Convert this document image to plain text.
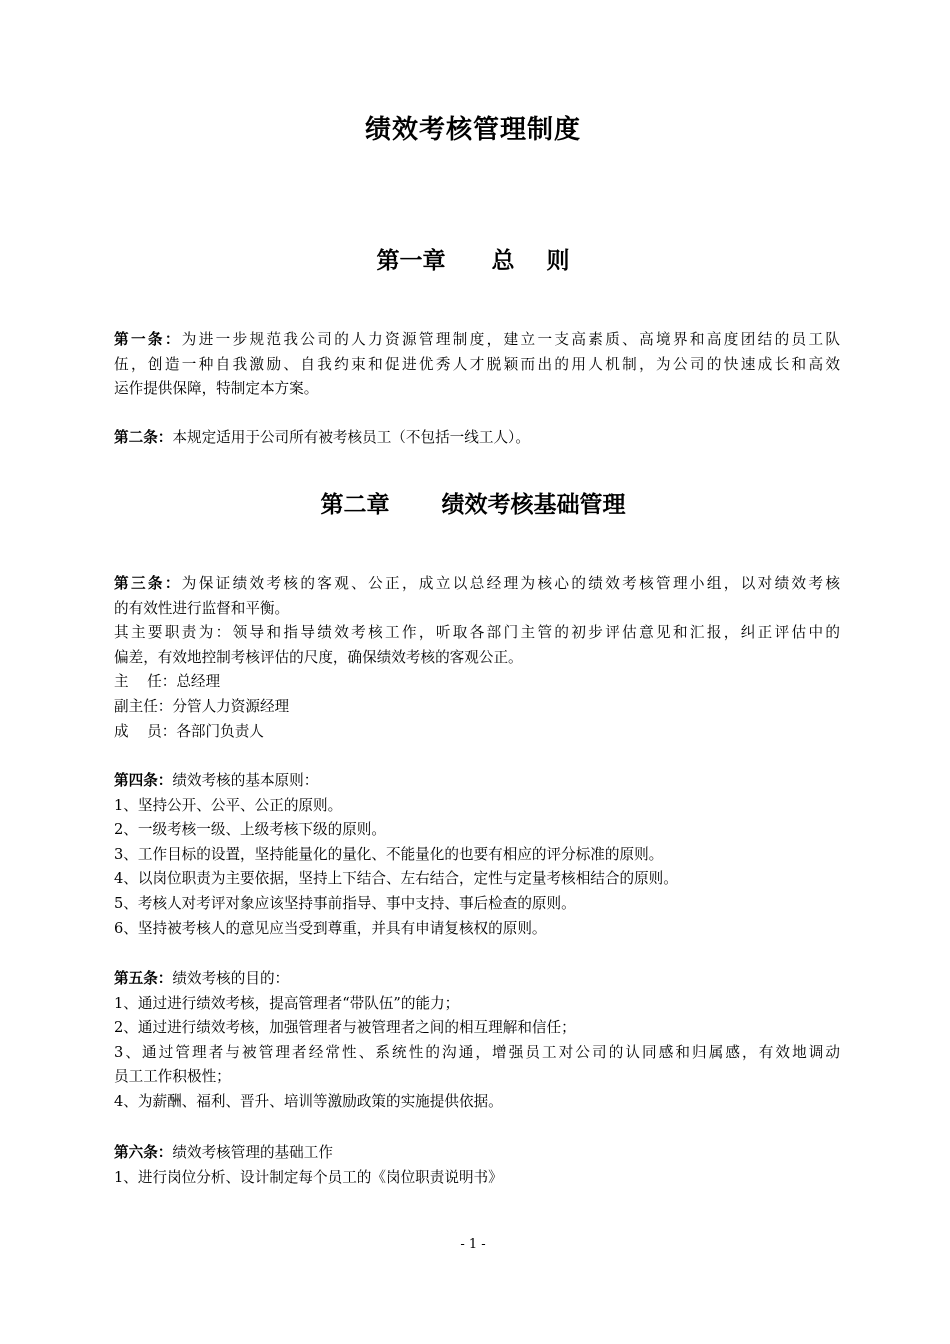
绩效考核管理制度
第一章 总    则
第一条：为进一步规范我公司的人力资源管理制度，建立一支高素质、高境界和高度团结的员工队
伍，创造一种自我激励、自我约束和促进优秀人才脱颖而出的用人机制，为公司的快速成长和高效
运作提供保障，特制定本方案。
第二条：本规定适用于公司所有被考核员工（不包括一线工人）。
第二章 绩效考核基础管理
第三条：为保证绩效考核的客观、公正，成立以总经理为核心的绩效考核管理小组，以对绩效考核
的有效性进行监督和平衡。
其主要职责为：领导和指导绩效考核工作，听取各部门主管的初步评估意见和汇报，纠正评估中的
偏差，有效地控制考核评估的尺度，确保绩效考核的客观公正。
主    任：总经理
副主任：分管人力资源经理
成    员：各部门负责人
第四条：绩效考核的基本原则：
1、坚持公开、公平、公正的原则。
2、一级考核一级、上级考核下级的原则。
3、工作目标的设置，坚持能量化的量化、不能量化的也要有相应的评分标准的原则。
4、以岗位职责为主要依据，坚持上下结合、左右结合，定性与定量考核相结合的原则。
5、考核人对考评对象应该坚持事前指导、事中支持、事后检查的原则。
6、坚持被考核人的意见应当受到尊重，并具有申请复核权的原则。
第五条：绩效考核的目的：
1、通过进行绩效考核，提高管理者“带队伍”的能力；
2、通过进行绩效考核，加强管理者与被管理者之间的相互理解和信任；
3、通过管理者与被管理者经常性、系统性的沟通，增强员工对公司的认同感和归属感，有效地调动
员工工作积极性；
4、为薪酬、福利、晋升、培训等激励政策的实施提供依据。
第六条：绩效考核管理的基础工作
1、进行岗位分析、设计制定每个员工的《岗位职责说明书》
- 1 -
